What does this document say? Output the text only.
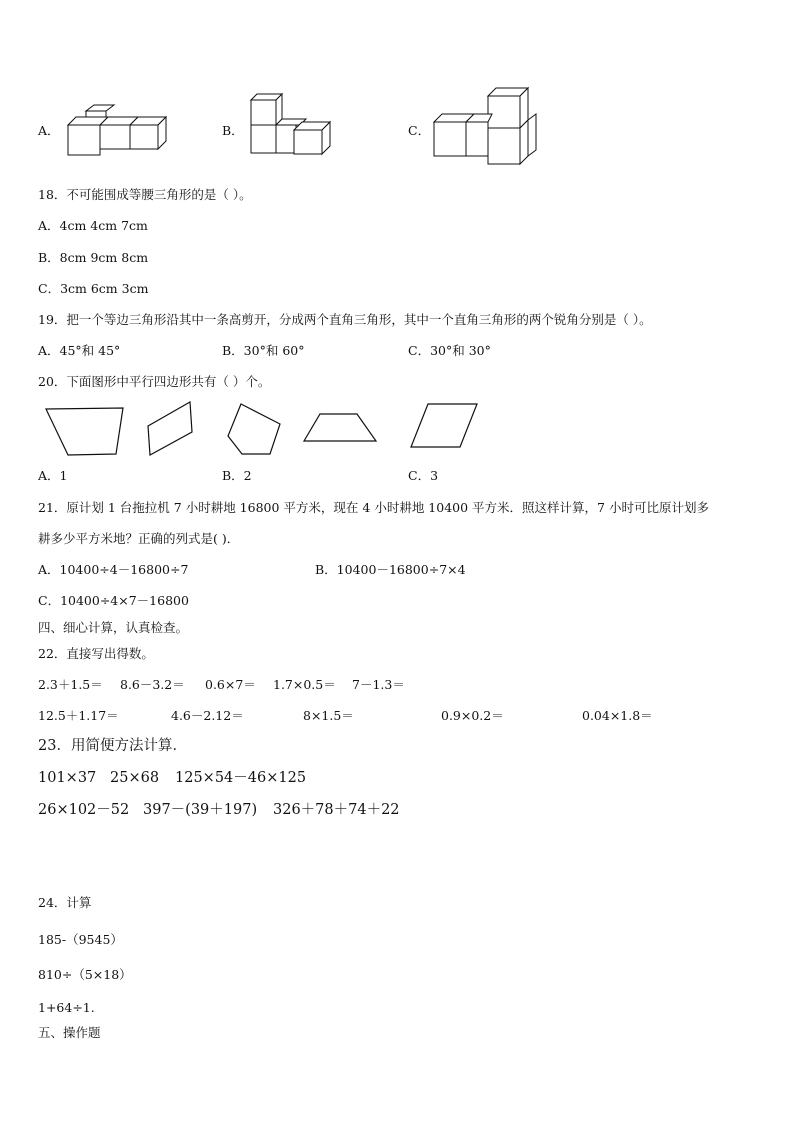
A．	B．	C．
18．不可能围成等腰三角形的是（ ）。
A．4cm 4cm 7cm
B．8cm 9cm 8cm
C．3cm 6cm 3cm
19．把一个等边三角形沿其中一条高剪开，分成两个直角三角形，其中一个直角三角形的两个锐角分别是（ ）。
A．45°和 45°	B．30°和 60°	C．30°和 30°
20．下面图形中平行四边形共有（ ）个。
A．1	B．2	C．3
21．原计划 1 台拖拉机 7 小时耕地 16800 平方米，现在 4 小时耕地 10400 平方米．照这样计算，7 小时可比原计划多
耕多少平方米地？正确的列式是( )．
A．10400÷4－16800÷7	B．10400－16800÷7×4
C．10400÷4×7－16800
四、细心计算，认真检查。
22．直接写出得数。
2.3＋1.5＝ 8.6－3.2＝ 0.6×7＝ 1.7×0.5＝ 7－1.3＝
12.5＋1.17＝	4.6－2.12＝	8×1.5＝	0.9×0.2＝	0.04×1.8＝
23．用简便方法计算．
101×37 25×68 125×54－46×125
26×102－52 397－(39＋197) 326＋78＋74＋22
24．计算
185-（9545）
810÷（5×18）
1+64÷1.
五、操作题
